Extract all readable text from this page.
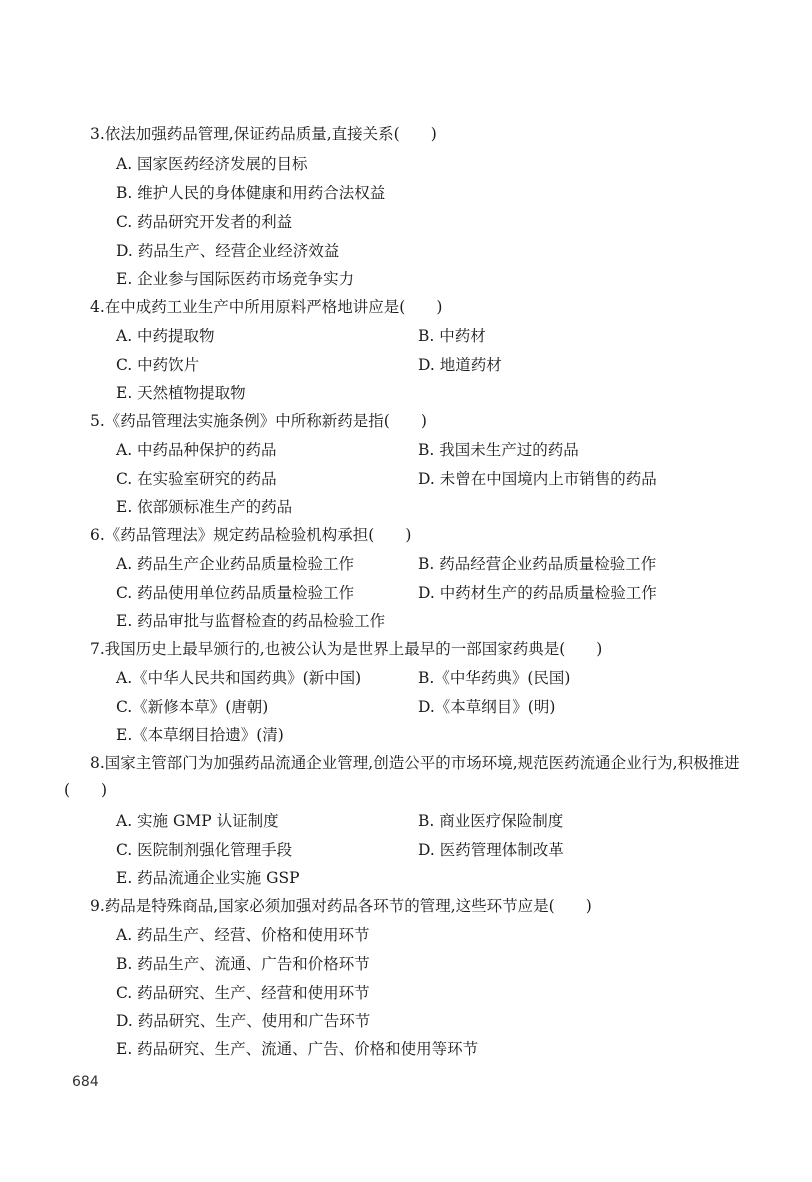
3.依法加强药品管理,保证药品质量,直接关系(　　)
A. 国家医药经济发展的目标
B. 维护人民的身体健康和用药合法权益
C. 药品研究开发者的利益
D. 药品生产、经营企业经济效益
E. 企业参与国际医药市场竞争实力
4.在中成药工业生产中所用原料严格地讲应是(　　)
A. 中药提取物	B. 中药材
C. 中药饮片	D. 地道药材
E. 天然植物提取物
5.《药品管理法实施条例》中所称新药是指(　　)
A. 中药品种保护的药品	B. 我国未生产过的药品
C. 在实验室研究的药品	D. 未曾在中国境内上市销售的药品
E. 依部颁标准生产的药品
6.《药品管理法》规定药品检验机构承担(　　)
A. 药品生产企业药品质量检验工作	B. 药品经营企业药品质量检验工作
C. 药品使用单位药品质量检验工作	D. 中药材生产的药品质量检验工作
E. 药品审批与监督检查的药品检验工作
7.我国历史上最早颁行的,也被公认为是世界上最早的一部国家药典是(　　)
A.《中华人民共和国药典》(新中国)	B.《中华药典》(民国)
C.《新修本草》(唐朝)	D.《本草纲目》(明)
E.《本草纲目拾遗》(清)
8.国家主管部门为加强药品流通企业管理,创造公平的市场环境,规范医药流通企业行为,积极推进(　　)
A. 实施 GMP 认证制度	B. 商业医疗保险制度
C. 医院制剂强化管理手段	D. 医药管理体制改革
E. 药品流通企业实施 GSP
9.药品是特殊商品,国家必须加强对药品各环节的管理,这些环节应是(　　)
A. 药品生产、经营、价格和使用环节
B. 药品生产、流通、广告和价格环节
C. 药品研究、生产、经营和使用环节
D. 药品研究、生产、使用和广告环节
E. 药品研究、生产、流通、广告、价格和使用等环节
684
